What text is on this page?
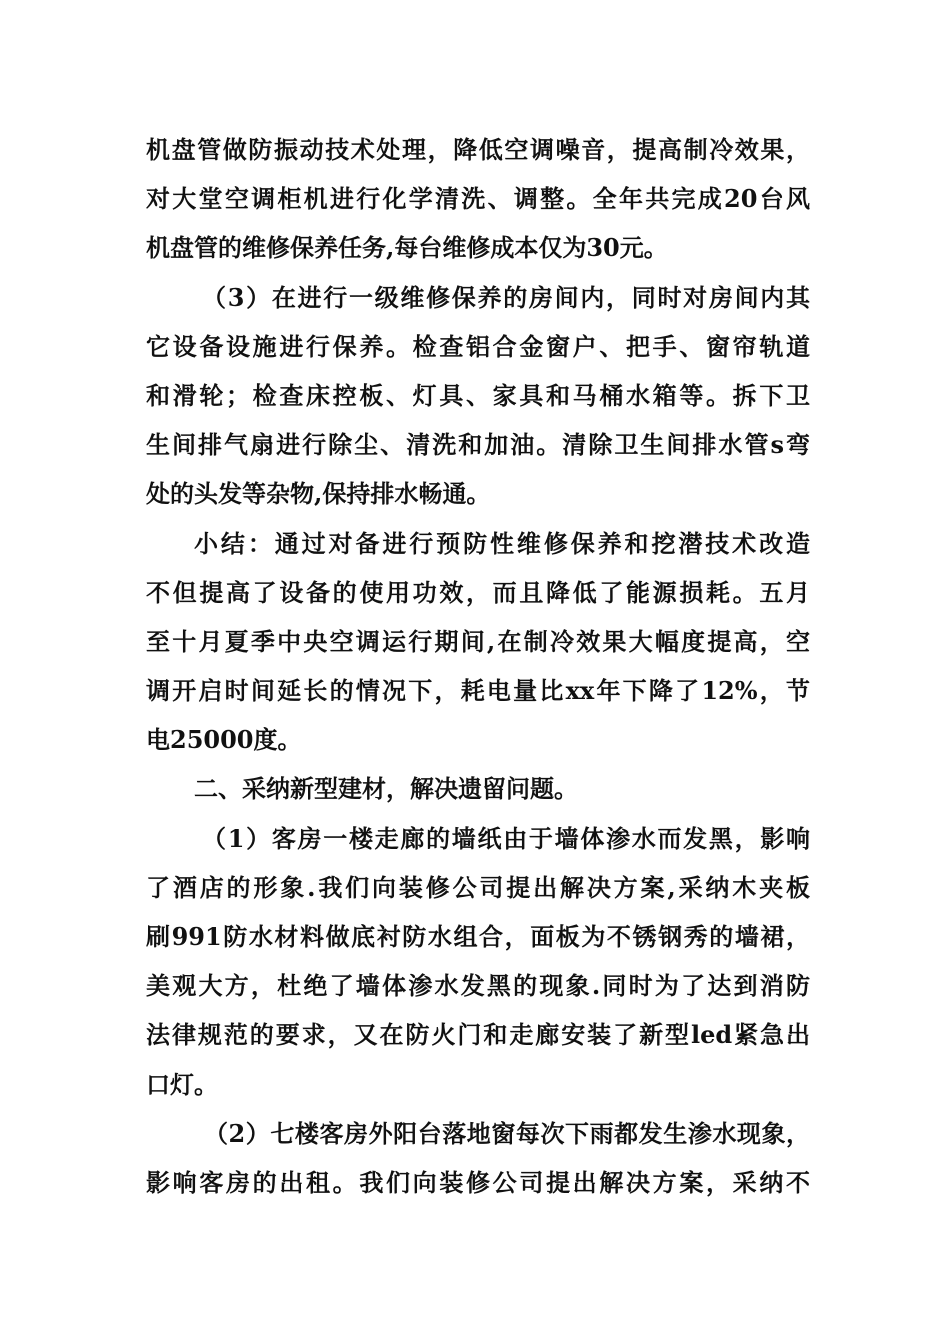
机盘管做防振动技术处理，降低空调噪音，提高制冷效果，
对大堂空调柜机进行化学清洗、调整。全年共完成20台风
机盘管的维修保养任务,每台维修成本仅为30元。
（3）在进行一级维修保养的房间内，同时对房间内其
它设备设施进行保养。检查铝合金窗户、把手、窗帘轨道
和滑轮；检查床控板、灯具、家具和马桶水箱等。拆下卫
生间排气扇进行除尘、清洗和加油。清除卫生间排水管s弯
处的头发等杂物,保持排水畅通。
小结：通过对备进行预防性维修保养和挖潜技术改造
不但提高了设备的使用功效，而且降低了能源损耗。五月
至十月夏季中央空调运行期间,在制冷效果大幅度提高，空
调开启时间延长的情况下，耗电量比xx年下降了12%，节
电25000度。
二、采纳新型建材，解决遗留问题。
（1）客房一楼走廊的墙纸由于墙体渗水而发黑，影响
了酒店的形象.我们向装修公司提出解决方案,采纳木夹板
刷991防水材料做底衬防水组合，面板为不锈钢秀的墙裙，
美观大方，杜绝了墙体渗水发黑的现象.同时为了达到消防
法律规范的要求，又在防火门和走廊安装了新型led紧急出
口灯。
（2）七楼客房外阳台落地窗每次下雨都发生渗水现象，
影响客房的出租。我们向装修公司提出解决方案，采纳不
